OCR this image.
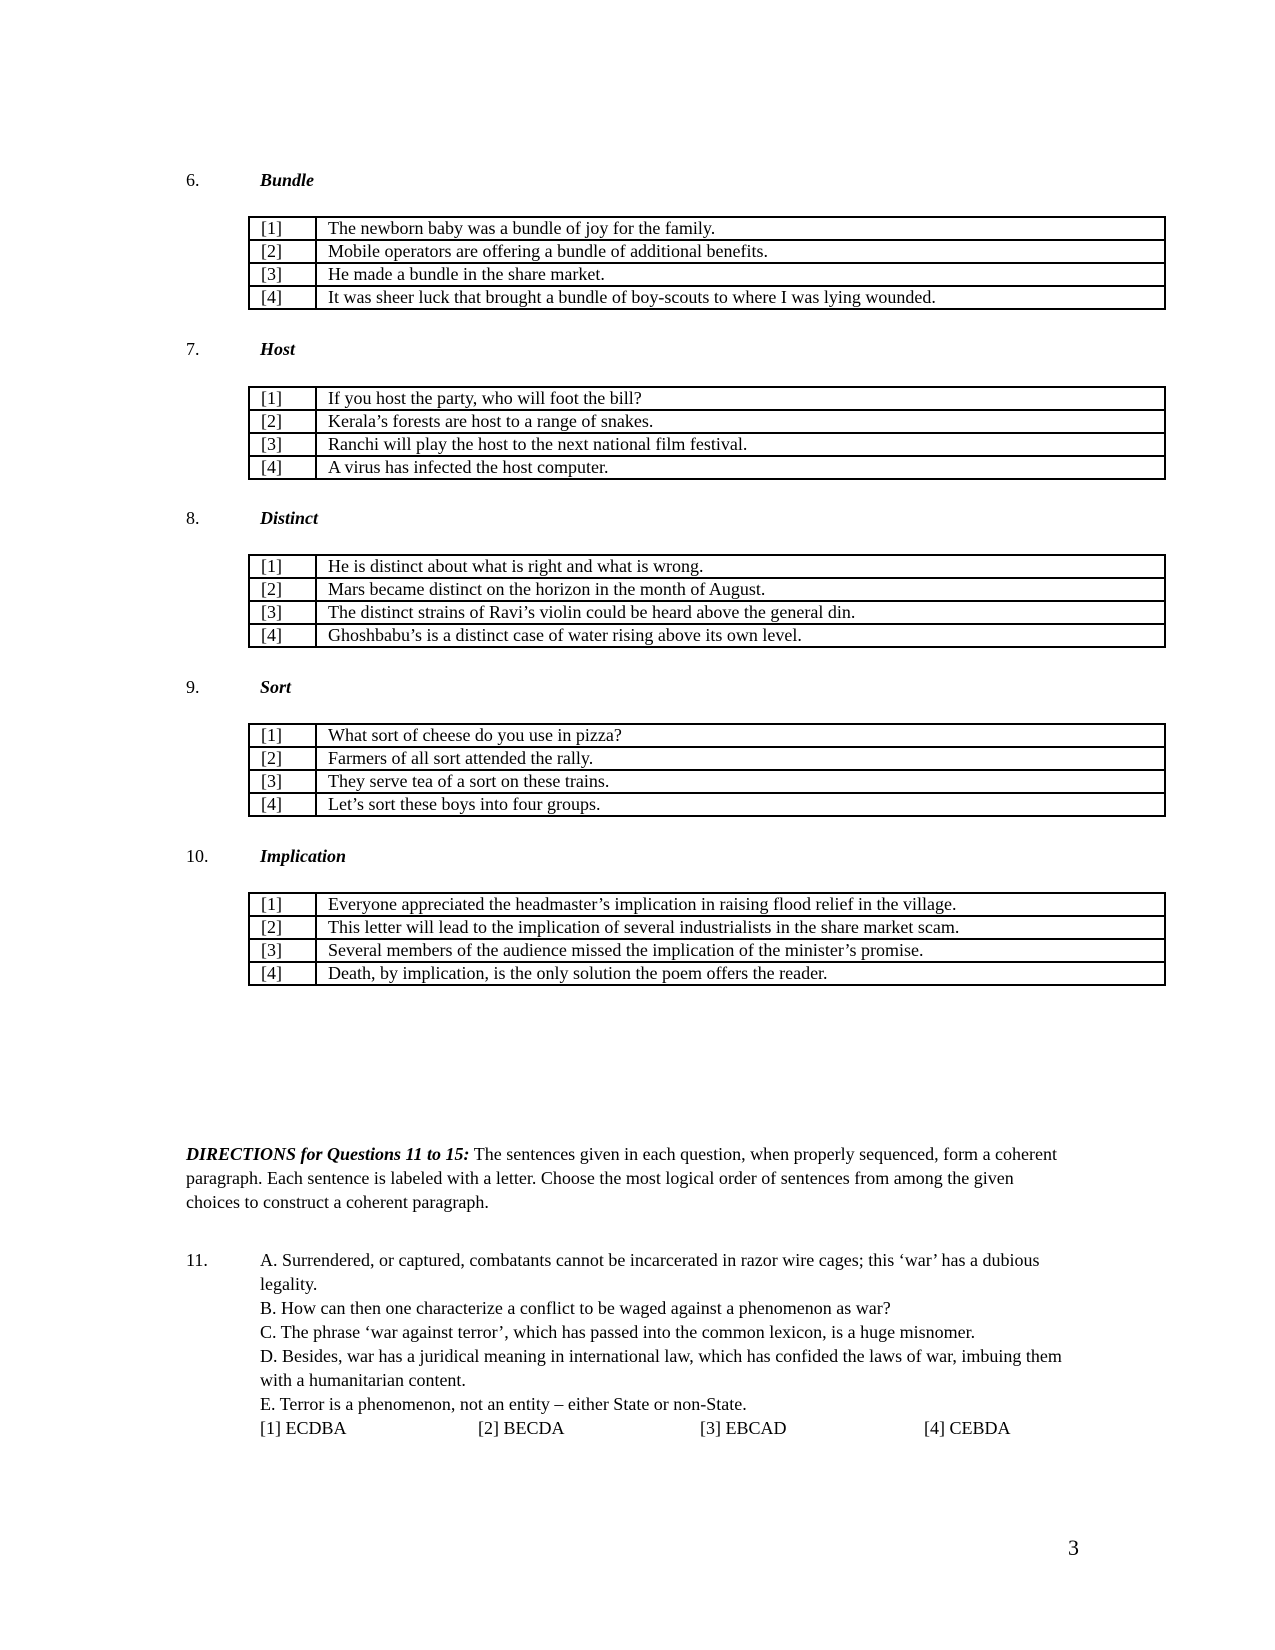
6.	Bundle
[1]	The newborn baby was a bundle of joy for the family.
[2]	Mobile operators are offering a bundle of additional benefits.
[3]	He made a bundle in the share market.
[4]	It was sheer luck that brought a bundle of boy-scouts to where I was lying wounded.
7.	Host
[1]	If you host the party, who will foot the bill?
[2]	Kerala’s forests are host to a range of snakes.
[3]	Ranchi will play the host to the next national film festival.
[4]	A virus has infected the host computer.
8.	Distinct
[1]	He is distinct about what is right and what is wrong.
[2]	Mars became distinct on the horizon in the month of August.
[3]	The distinct strains of Ravi’s violin could be heard above the general din.
[4]	Ghoshbabu’s is a distinct case of water rising above its own level.
9.	Sort
[1]	What sort of cheese do you use in pizza?
[2]	Farmers of all sort attended the rally.
[3]	They serve tea of a sort on these trains.
[4]	Let’s sort these boys into four groups.
10.	Implication
[1]	Everyone appreciated the headmaster’s implication in raising flood relief in the village.
[2]	This letter will lead to the implication of several industrialists in the share market scam.
[3]	Several members of the audience missed the implication of the minister’s promise.
[4]	Death, by implication, is the only solution the poem offers the reader.
DIRECTIONS for Questions 11 to 15: The sentences given in each question, when properly sequenced, form a coherent paragraph. Each sentence is labeled with a letter. Choose the most logical order of sentences from among the given choices to construct a coherent paragraph.
11.	A. Surrendered, or captured, combatants cannot be incarcerated in razor wire cages; this ‘war’ has a dubious legality.

B. How can then one characterize a conflict to be waged against a phenomenon as war?

C. The phrase ‘war against terror’, which has passed into the common lexicon, is a huge misnomer.

D. Besides, war has a juridical meaning in international law, which has confided the laws of war, imbuing them with a humanitarian content.

E. Terror is a phenomenon, not an entity – either State or non-State.

[1] ECDBA	[2] BECDA	[3] EBCAD	[4] CEBDA
3
